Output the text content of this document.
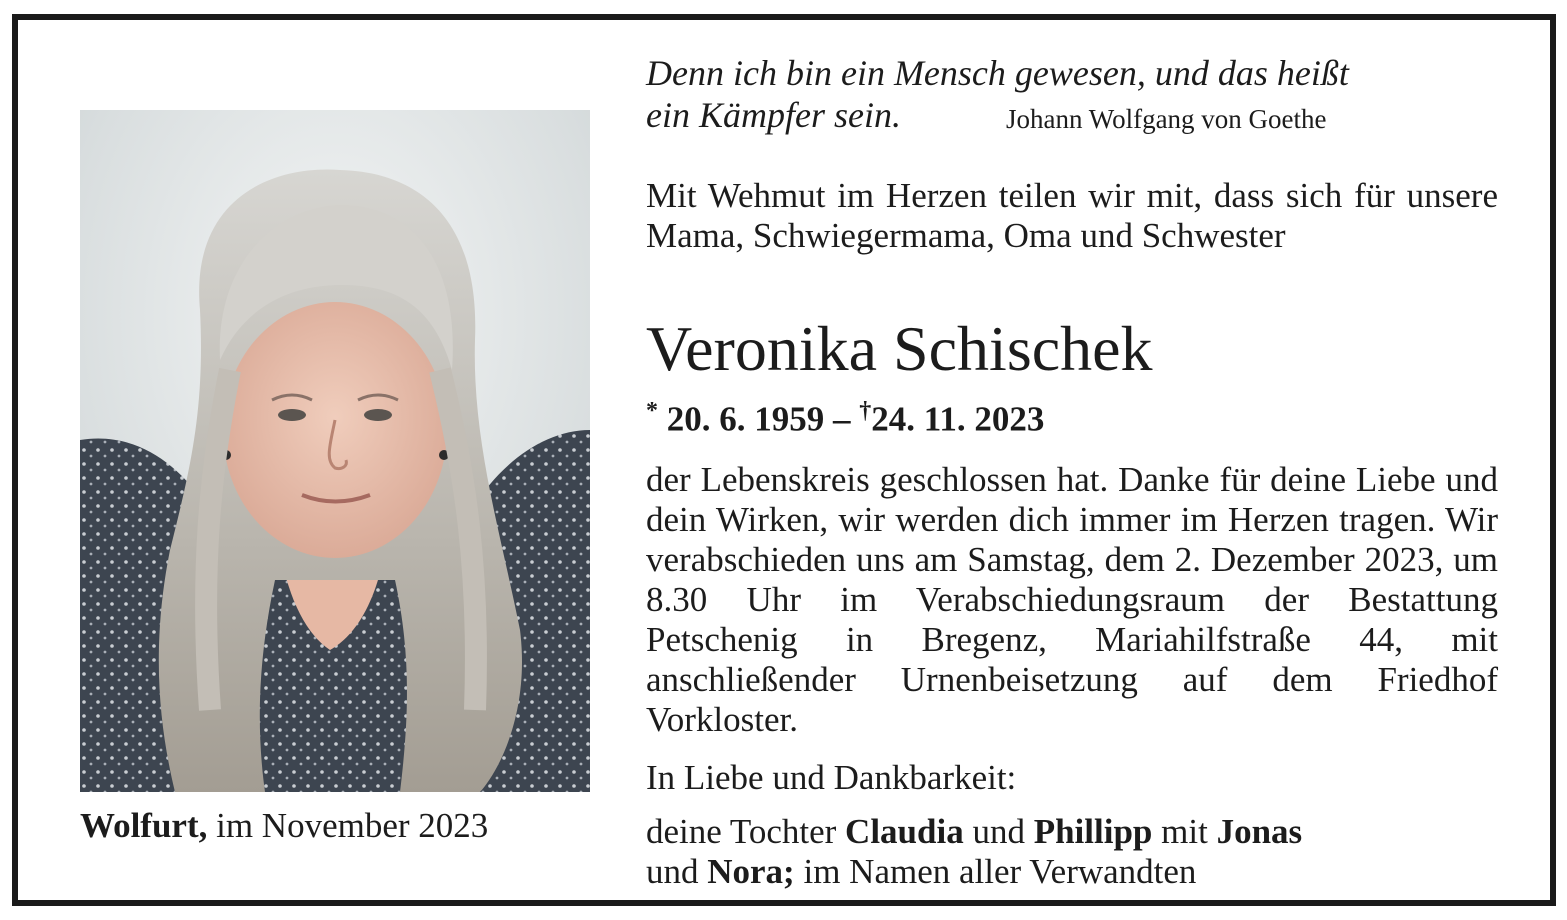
Wolfurt, im November 2023
Denn ich bin ein Mensch gewesen, und das heißt
ein Kämpfer sein.	Johann Wolfgang von Goethe
Mit Wehmut im Herzen teilen wir mit, dass sich für unsere Mama, Schwiegermama, Oma und Schwester
Veronika Schischek
* 20. 6. 1959 – †24. 11. 2023
der Lebenskreis geschlossen hat. Danke für deine Liebe und dein Wirken, wir werden dich immer im Herzen tragen. Wir verabschieden uns am Samstag, dem 2. Dezember 2023, um 8.30 Uhr im Verabschiedungsraum der Bestattung Petschenig in Bregenz, Mariahilfstraße 44, mit anschließender Urnenbeisetzung auf dem Friedhof Vorkloster.
In Liebe und Dankbarkeit:
deine Tochter Claudia und Phillipp mit Jonas
und Nora; im Namen aller Verwandten
